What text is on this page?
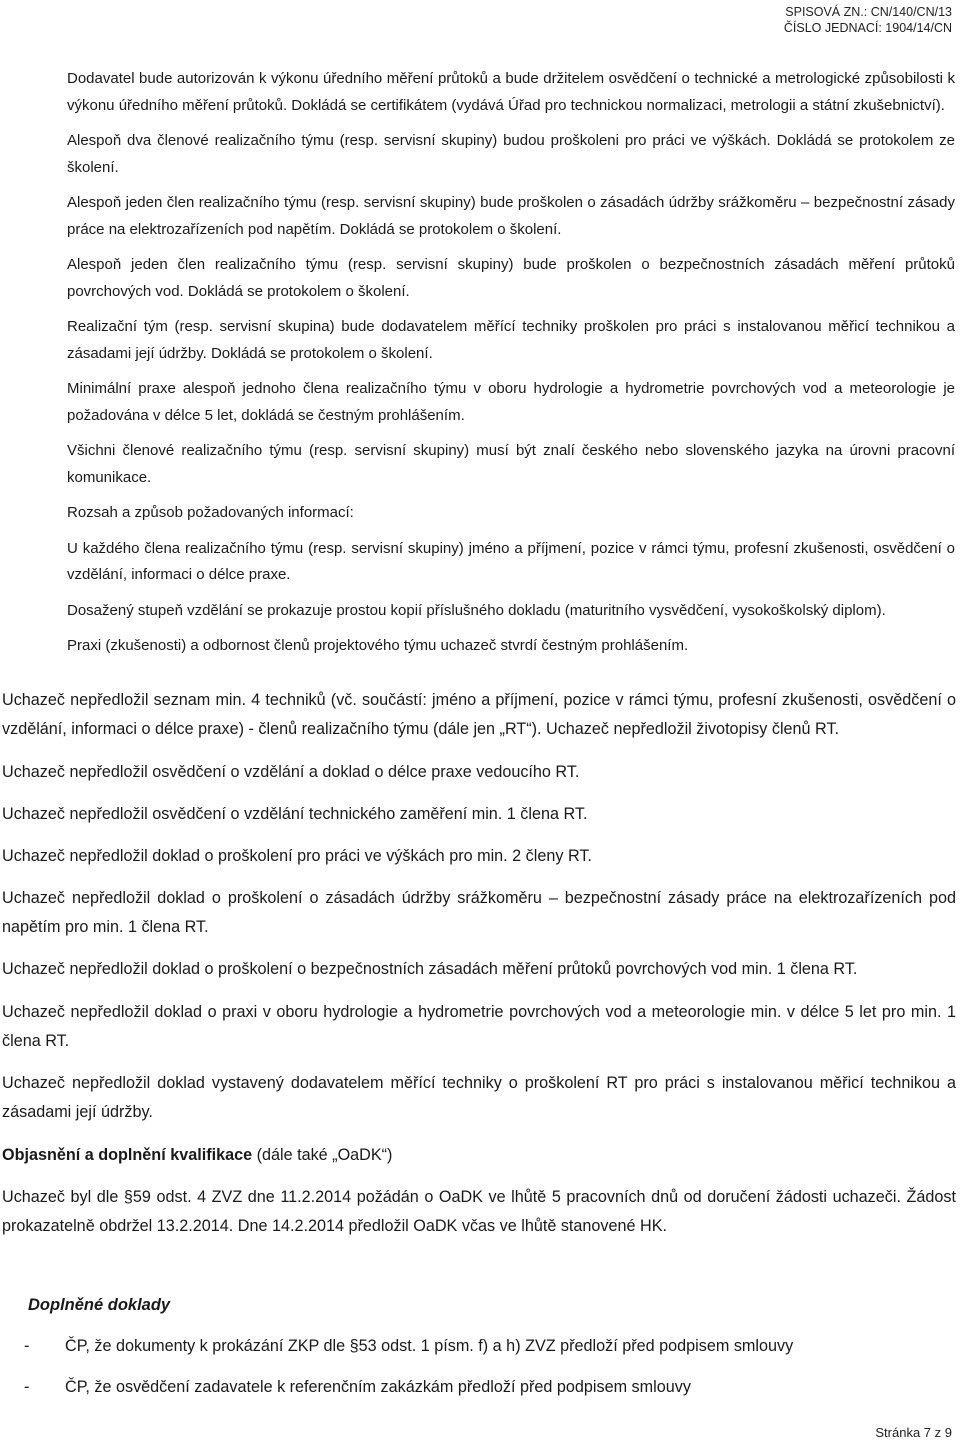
SPISOVÁ ZN.: CN/140/CN/13
ČÍSLO JEDNACÍ: 1904/14/CN

Dodavatel bude autorizován k výkonu úředního měření průtoků a bude držitelem osvědčení o technické a metrologické způsobilosti k výkonu úředního měření průtoků. Dokládá se certifikátem (vydává Úřad pro technickou normalizaci, metrologii a státní zkušebnictví).

Alespoň dva členové realizačního týmu (resp. servisní skupiny) budou proškoleni pro práci ve výškách. Dokládá se protokolem ze školení.

Alespoň jeden člen realizačního týmu (resp. servisní skupiny) bude proškolen o zásadách údržby srážkoměru – bezpečnostní zásady práce na elektrozařízeních pod napětím. Dokládá se protokolem o školení.

Alespoň jeden člen realizačního týmu (resp. servisní skupiny) bude proškolen o bezpečnostních zásadách měření průtoků povrchových vod. Dokládá se protokolem o školení.

Realizační tým (resp. servisní skupina) bude dodavatelem měřící techniky proškolen pro práci s instalovanou měřicí technikou a zásadami její údržby. Dokládá se protokolem o školení.

Minimální praxe alespoň jednoho člena realizačního týmu v oboru hydrologie a hydrometrie povrchových vod a meteorologie je požadována v délce 5 let, dokládá se čestným prohlášením.

Všichni členové realizačního týmu (resp. servisní skupiny) musí být znalí českého nebo slovenského jazyka na úrovni pracovní komunikace.

Rozsah a způsob požadovaných informací:

U každého člena realizačního týmu (resp. servisní skupiny) jméno a příjmení, pozice v rámci týmu, profesní zkušenosti, osvědčení o vzdělání, informaci o délce praxe.

Dosažený stupeň vzdělání se prokazuje prostou kopií příslušného dokladu (maturitního vysvědčení, vysokoškolský diplom).

Praxi (zkušenosti) a odbornost členů projektového týmu uchazeč stvrdí čestným prohlášením.

Uchazeč nepředložil seznam min. 4 techniků (vč. součástí: jméno a příjmení, pozice v rámci týmu, profesní zkušenosti, osvědčení o vzdělání, informaci o délce praxe) - členů realizačního týmu (dále jen „RT“). Uchazeč nepředložil životopisy členů RT.

Uchazeč nepředložil osvědčení o vzdělání a doklad o délce praxe vedoucího RT.

Uchazeč nepředložil osvědčení o vzdělání technického zaměření min. 1 člena RT.

Uchazeč nepředložil doklad o proškolení pro práci ve výškách pro min. 2 členy RT.

Uchazeč nepředložil doklad o proškolení o zásadách údržby srážkoměru – bezpečnostní zásady práce na elektrozařízeních pod napětím pro min. 1 člena RT.

Uchazeč nepředložil doklad o proškolení o bezpečnostních zásadách měření průtoků povrchových vod min. 1 člena RT.

Uchazeč nepředložil doklad o praxi v oboru hydrologie a hydrometrie povrchových vod a meteorologie min. v délce 5 let pro min. 1 člena RT.

Uchazeč nepředložil doklad vystavený dodavatelem měřící techniky o proškolení RT pro práci s instalovanou měřicí technikou a zásadami její údržby.

Objasnění a doplnění kvalifikace (dále také „OaDK“)

Uchazeč byl dle §59 odst. 4 ZVZ dne 11.2.2014 požádán o OaDK ve lhůtě 5 pracovních dnů od doručení žádosti uchazeči. Žádost prokazatelně obdržel 13.2.2014. Dne 14.2.2014 předložil OaDK včas ve lhůtě stanovené HK.

Doplněné doklady
-	ČP, že dokumenty k prokázání ZKP dle §53 odst. 1 písm. f) a h) ZVZ předloží před podpisem smlouvy
-	ČP, že osvědčení zadavatele k referenčním zakázkám předloží před podpisem smlouvy
Stránka 7 z 9
